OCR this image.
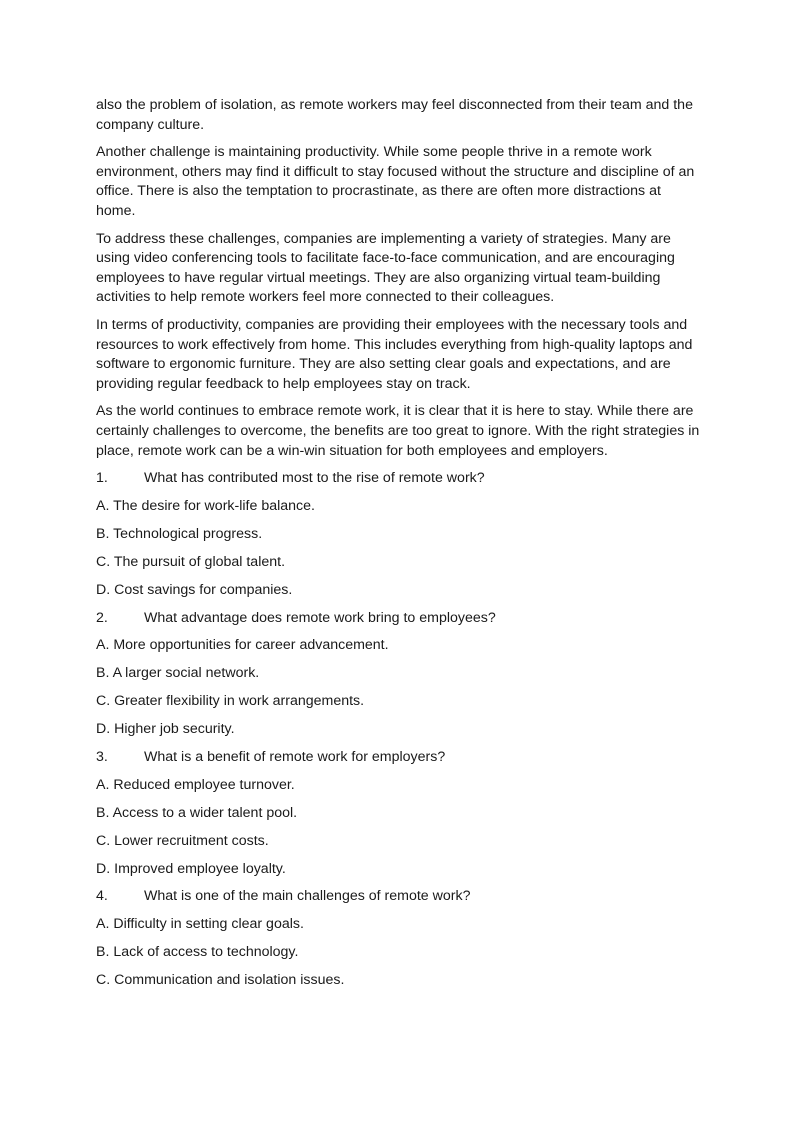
also the problem of isolation, as remote workers may feel disconnected from their team and the company culture.

Another challenge is maintaining productivity. While some people thrive in a remote work environment, others may find it difficult to stay focused without the structure and discipline of an office. There is also the temptation to procrastinate, as there are often more distractions at home.

To address these challenges, companies are implementing a variety of strategies. Many are using video conferencing tools to facilitate face-to-face communication, and are encouraging employees to have regular virtual meetings. They are also organizing virtual team-building activities to help remote workers feel more connected to their colleagues.

In terms of productivity, companies are providing their employees with the necessary tools and resources to work effectively from home. This includes everything from high-quality laptops and software to ergonomic furniture. They are also setting clear goals and expectations, and are providing regular feedback to help employees stay on track.

As the world continues to embrace remote work, it is clear that it is here to stay. While there are certainly challenges to overcome, the benefits are too great to ignore. With the right strategies in place, remote work can be a win-win situation for both employees and employers.

1.	What has contributed most to the rise of remote work?

A. The desire for work-life balance.

B. Technological progress.

C. The pursuit of global talent.

D. Cost savings for companies.

2.	What advantage does remote work bring to employees?

A. More opportunities for career advancement.

B. A larger social network.

C. Greater flexibility in work arrangements.

D. Higher job security.

3.	What is a benefit of remote work for employers?

A. Reduced employee turnover.

B. Access to a wider talent pool.

C. Lower recruitment costs.

D. Improved employee loyalty.

4.	What is one of the main challenges of remote work?

A. Difficulty in setting clear goals.

B. Lack of access to technology.

C. Communication and isolation issues.
